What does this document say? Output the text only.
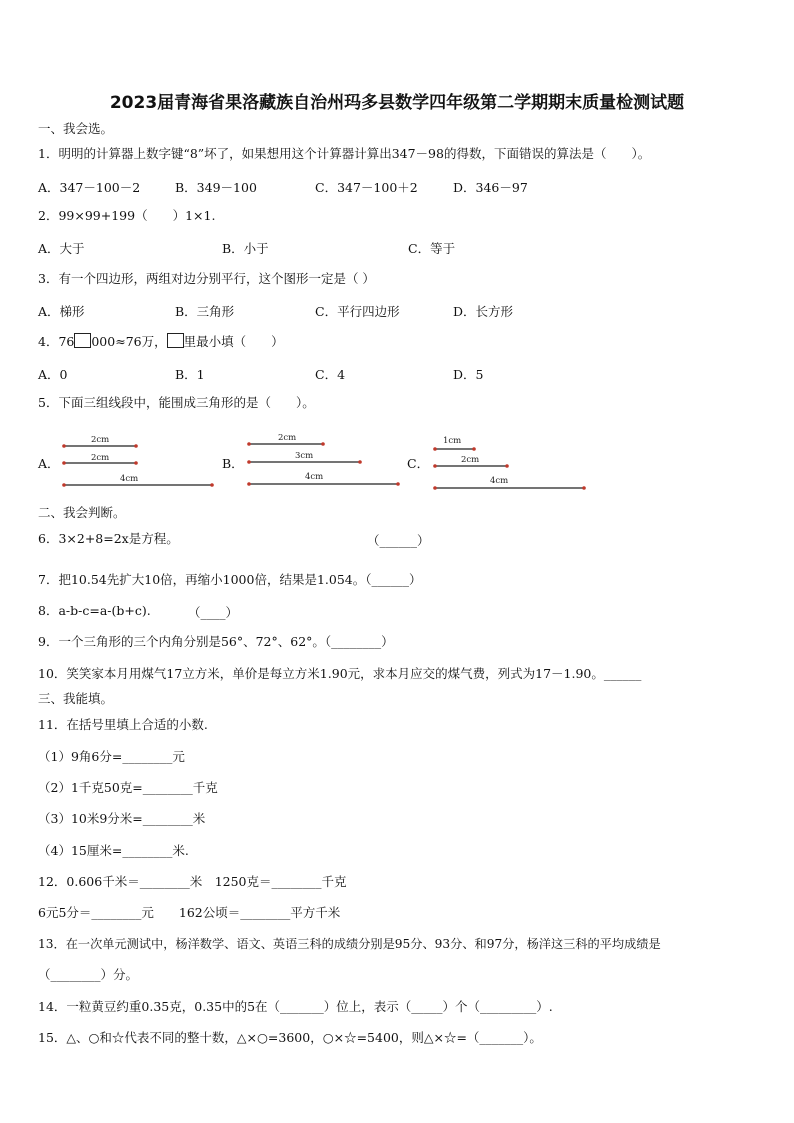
2023届青海省果洛藏族自治州玛多县数学四年级第二学期期末质量检测试题
一、我会选。
1．明明的计算器上数字键“8”坏了，如果想用这个计算器计算出347－98的得数，下面错误的算法是（　　）。
A．347－100－2	B．349－100	C．347－100＋2	D．346－97
2．99×99+199（　　）1×1.
A．大于	B．小于	C．等于
3．有一个四边形，两组对边分别平行，这个图形一定是（ ）
A．梯形	B．三角形	C．平行四边形	D．长方形
4．76 000≈76万， 里最小填（　　）
A．0	B．1	C．4	D．5
5．下面三组线段中，能围成三角形的是（　　）。
A．	B．	C．
2cm
2cm
4cm
2cm
3cm
4cm
1cm
2cm
4cm
二、我会判断。
6．3×2+8=2x是方程。	（______）
7．把10.54先扩大10倍，再缩小1000倍，结果是1.054。（______）
8．a-b-c=a-(b+c).	（____）
9．一个三角形的三个内角分别是56°、72°、62°。（________）
10．笑笑家本月用煤气17立方米，单价是每立方米1.90元，求本月应交的煤气费，列式为17－1.90。______
三、我能填。
11．在括号里填上合适的小数.
（1）9角6分=________元
（2）1千克50克=________千克
（3）10米9分米=________米
（4）15厘米=________米.
12．0.606千米＝________米　1250克＝________千克
6元5分＝________元　　162公顷＝________平方千米
13．在一次单元测试中，杨洋数学、语文、英语三科的成绩分别是95分、93分、和97分，杨洋这三科的平均成绩是
（________）分。
14．一粒黄豆约重0.35克，0.35中的5在（_______）位上，表示（_____）个（_________）.
15．△、○和☆代表不同的整十数，△×○=3600，○×☆=5400，则△×☆=（_______）。
